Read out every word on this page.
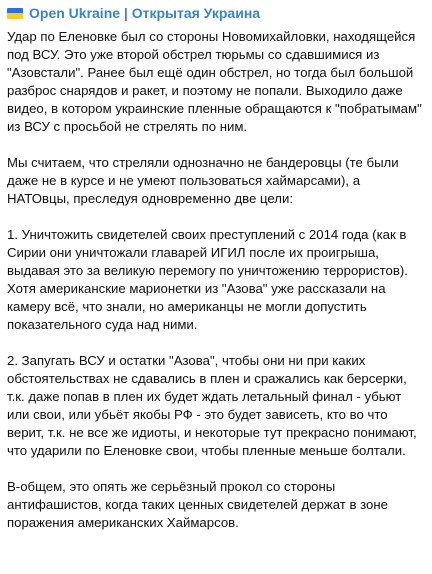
Open Ukraine | Открытая Украина

Удар по Еленовке был со стороны Новомихайловки, находящейся под ВСУ. Это уже второй обстрел тюрьмы со сдавшимися из "Азовстали". Ранее был ещё один обстрел, но тогда был большой разброс снарядов и ракет, и поэтому не попали. Выходило даже видео, в котором украинские пленные обращаются к "побратымам" из ВСУ с просьбой не стрелять по ним.

Мы считаем, что стреляли однозначно не бандеровцы (те были даже не в курсе и не умеют пользоваться хаймарсами), а НАТОвцы, преследуя одновременно две цели:

1. Уничтожить свидетелей своих преступлений с 2014 года (как в Сирии они уничтожали главарей ИГИЛ после их проигрыша, выдавая это за великую перемогу по уничтожению террористов). Хотя американские марионетки из "Азова" уже рассказали на камеру всё, что знали, но американцы не могли допустить показательного суда над ними.

2. Запугать ВСУ и остатки "Азова", чтобы они ни при каких обстоятельствах не сдавались в плен и сражались как берсерки, т.к. даже попав в плен их будет ждать летальный финал - убьют или свои, или убьёт якобы РФ - это будет зависеть, кто во что верит, т.к. не все же идиоты, и некоторые тут прекрасно понимают, что ударили по Еленовке свои, чтобы пленные меньше болтали.

В-общем, это опять же серьёзный прокол со стороны антифашистов, когда таких ценных свидетелей держат в зоне поражения американских Хаймарсов.
